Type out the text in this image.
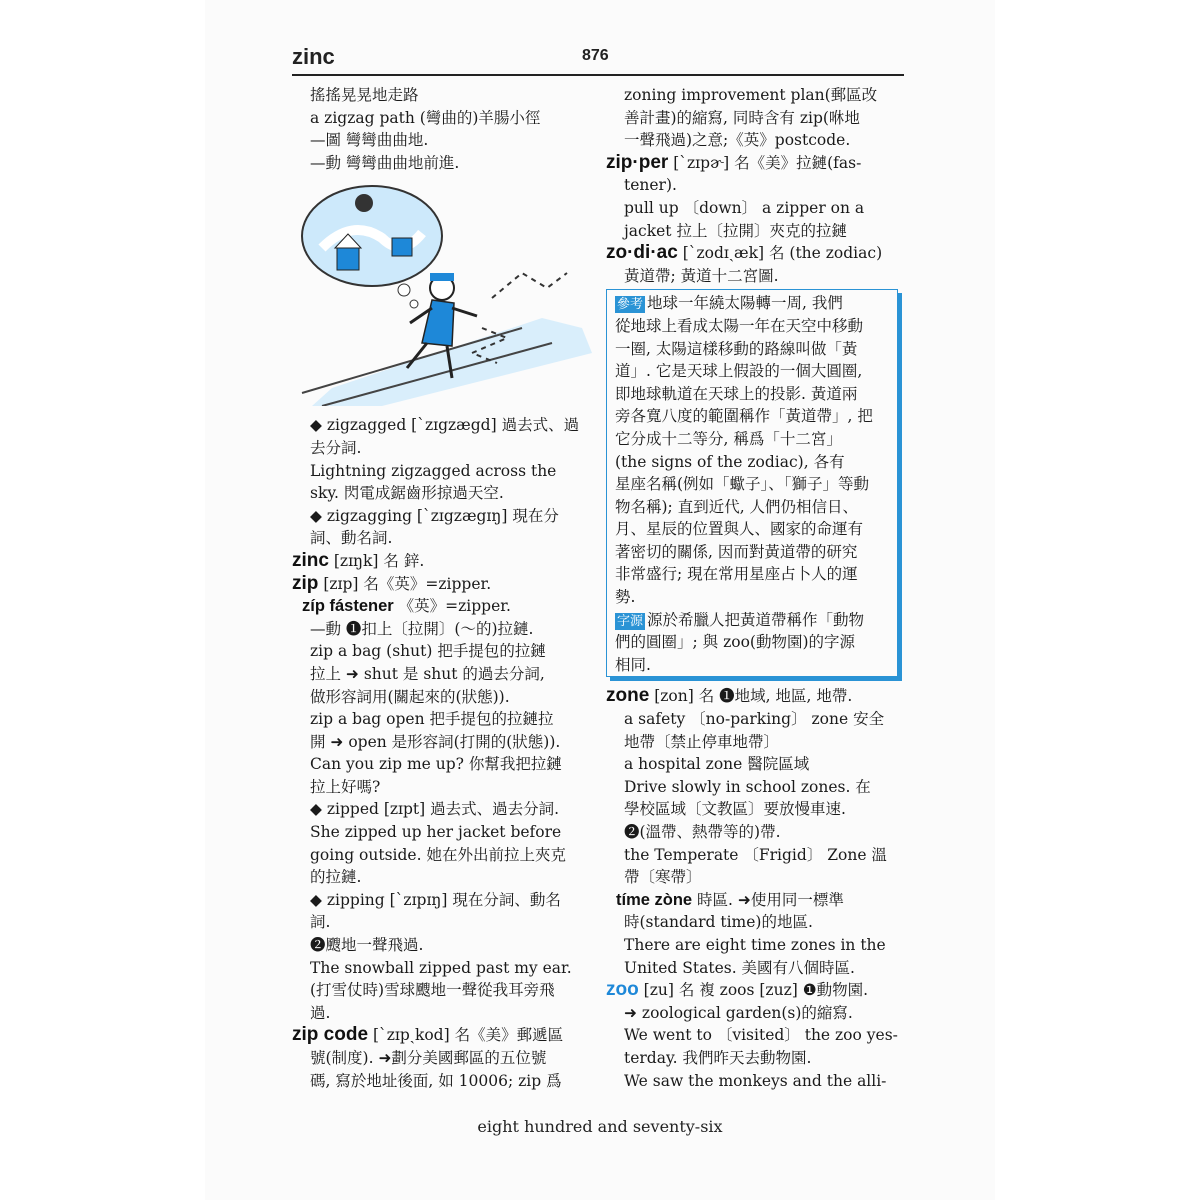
zinc	876
搖搖晃晃地走路
a zigzag path (彎曲的)羊腸小徑
—圖 彎彎曲曲地.
—動 彎彎曲曲地前進.
◆ zigzagged [ˋzɪgzægd] 過去式、過
去分詞.
Lightning zigzagged across the
sky. 閃電成鋸齒形掠過天空.
◆ zigzagging [ˋzɪgzægɪŋ] 現在分
詞、動名詞.
zinc [zɪŋk] 名 鋅.
zip [zɪp] 名《英》=zipper.
zíp fástener 《英》=zipper.
—動 ❶扣上〔拉開〕(～的)拉鏈.
zip a bag (shut) 把手提包的拉鏈
拉上 ➜ shut 是 shut 的過去分詞,
做形容詞用(關起來的(狀態)).
zip a bag open 把手提包的拉鏈拉
開 ➜ open 是形容詞(打開的(狀態)).
Can you zip me up? 你幫我把拉鏈
拉上好嗎?
◆ zipped [zɪpt] 過去式、過去分詞.
She zipped up her jacket before
going outside. 她在外出前拉上夾克
的拉鏈.
◆ zipping [ˋzɪpɪŋ] 現在分詞、動名
詞.
❷颼地一聲飛過.
The snowball zipped past my ear.
(打雪仗時)雪球颼地一聲從我耳旁飛
過.
zip code [ˋzɪpˏkod] 名《美》郵遞區
號(制度). ➜劃分美國郵區的五位號
碼, 寫於地址後面, 如 10006; zip 爲
zoning improvement plan(郵區改
善計畫)的縮寫, 同時含有 zip(咻地
一聲飛過)之意;《英》postcode.
zip·per [ˋzɪpɚ] 名《美》拉鏈(fas-
tener).
pull up 〔down〕 a zipper on a
jacket 拉上〔拉開〕夾克的拉鏈
zo·di·ac [ˋzodɪˏæk] 名 (the zodiac)
黃道帶; 黃道十二宮圖.
參考 地球一年繞太陽轉一周, 我們
從地球上看成太陽一年在天空中移動
一圈, 太陽這樣移動的路線叫做「黃
道」. 它是天球上假設的一個大圓圈,
即地球軌道在天球上的投影. 黃道兩
旁各寬八度的範圍稱作「黃道帶」, 把
它分成十二等分, 稱爲「十二宮」
(the signs of the zodiac), 各有
星座名稱(例如「蠍子」、「獅子」等動
物名稱); 直到近代, 人們仍相信日、
月、星辰的位置與人、國家的命運有
著密切的關係, 因而對黃道帶的研究
非常盛行; 現在常用星座占卜人的運
勢.
字源 源於希臘人把黃道帶稱作「動物
們的圓圈」; 與 zoo(動物園)的字源
相同.
zone [zon] 名 ❶地域, 地區, 地帶.
a safety 〔no-parking〕 zone 安全
地帶〔禁止停車地帶〕
a hospital zone 醫院區域
Drive slowly in school zones. 在
學校區域〔文教區〕要放慢車速.
❷(溫帶、熱帶等的)帶.
the Temperate 〔Frigid〕 Zone 溫
帶〔寒帶〕
tíme zòne 時區. ➜使用同一標準
時(standard time)的地區.
There are eight time zones in the
United States. 美國有八個時區.
zoo [zu] 名 複 zoos [zuz] ❶動物園.
➜ zoological garden(s)的縮寫.
We went to 〔visited〕 the zoo yes-
terday. 我們昨天去動物園.
We saw the monkeys and the alli-
eight hundred and seventy-six
